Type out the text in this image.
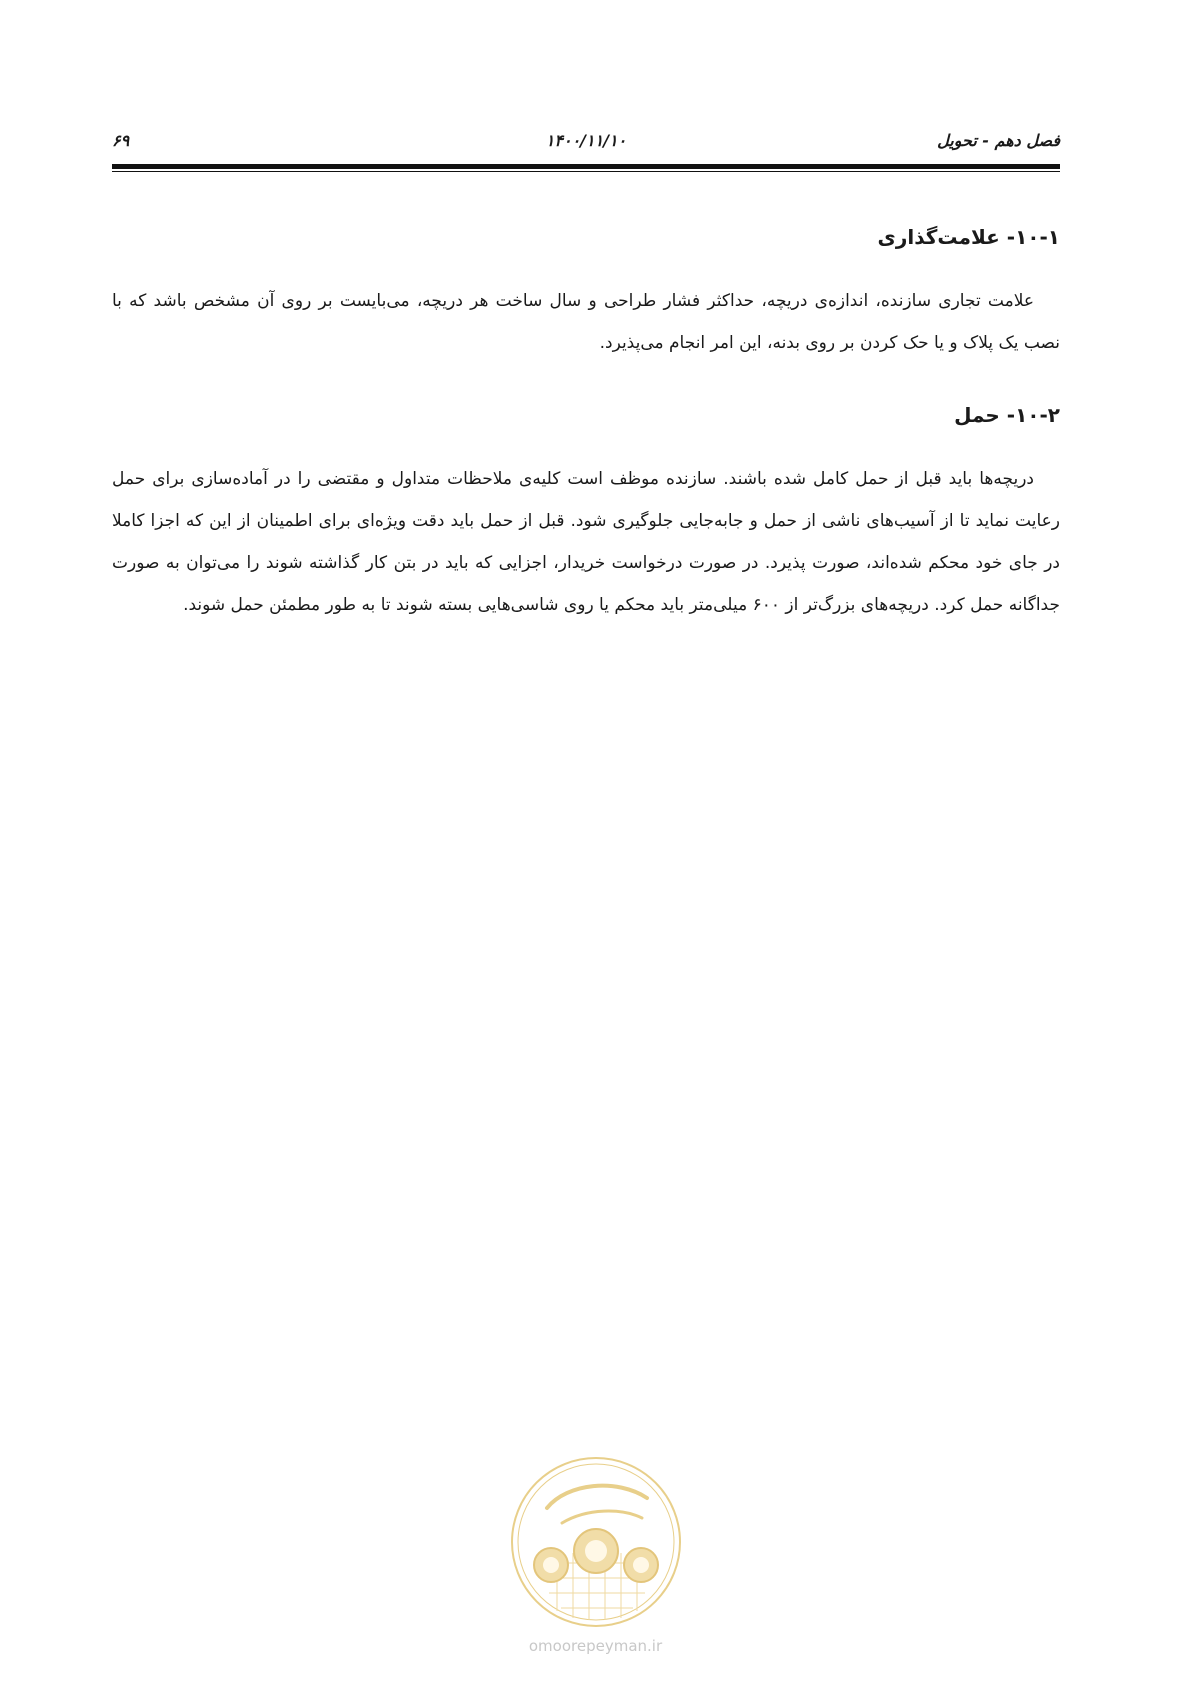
فصل دهم - تحویل
۱۴۰۰/۱۱/۱۰
۶۹
۱۰-۱- علامت‌گذاری

علامت تجاری سازنده، اندازه‌ی دریچه، حداکثر فشار طراحی و سال ساخت هر دریچه، می‌بایست بر روی آن مشخص باشد که با نصب یک پلاک و یا حک کردن بر روی بدنه، این امر انجام می‌پذیرد.

۱۰-۲- حمل

دریچه‌ها باید قبل از حمل کامل شده باشند. سازنده موظف است کلیه‌ی ملاحظات متداول و مقتضی را در آماده‌سازی برای حمل رعایت نماید تا از آسیب‌های ناشی از حمل و جابه‌جایی جلوگیری شود. قبل از حمل باید دقت ویژه‌ای برای اطمینان از این که اجزا کاملا در جای خود محکم شده‌اند، صورت پذیرد. در صورت درخواست خریدار، اجزایی که باید در بتن کار گذاشته شوند را می‌توان به صورت جداگانه حمل کرد. دریچه‌های بزرگ‌تر از ۶۰۰ میلی‌متر باید محکم یا روی شاسی‌هایی بسته شوند تا به طور مطمئن حمل شوند.

omoorepeyman.ir
